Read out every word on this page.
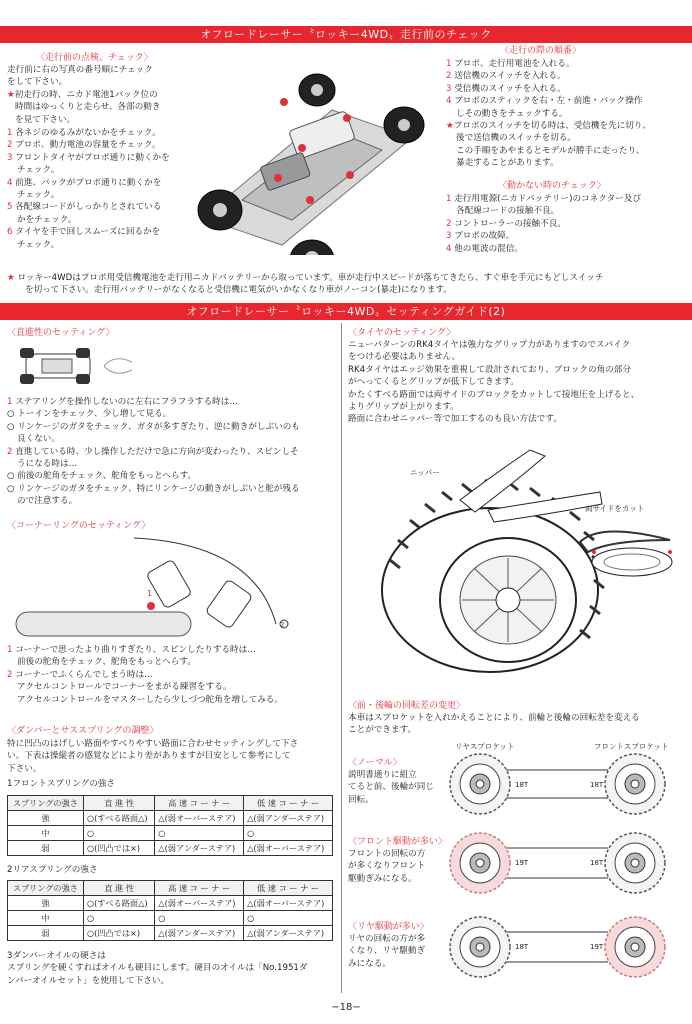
オフロードレーサー〝ロッキー4WD〟走行前のチェック
〈走行前の点検、チェック〉
走行前に右の写真の番号順にチェック
をして下さい。
★初走行の時、ニカド電池1パック位の
時間はゆっくりと走らせ、各部の動き
を見て下さい。
1 各ネジのゆるみがないかをチェック。
2 プロポ、動力電池の容量をチェック。
3 フロントタイヤがプロポ通りに動くかを
チェック。
4 前進、バックがプロポ通りに動くかを
チェック。
5 各配線コードがしっかりとされている
かをチェック。
6 タイヤを手で回しスムーズに回るかを
チェック。
〈走行の際の順番〉
1 プロポ、走行用電池を入れる。
2 送信機のスイッチを入れる。
3 受信機のスイッチを入れる。
4 プロポのスティックを右・左・前進・バック操作
しその動きをチェックする。
★プロポのスイッチを切る時は、受信機を先に切り、
後で送信機のスイッチを切る。
この手順をあやまるとモデルが勝手に走ったり、
暴走することがあります。
〈動かない時のチェック〉
1 走行用電源(ニカドバッテリー)のコネクター及び
各配線コードの接触不良。
2 コントローラーの接触不良。
3 プロポの故障。
4 他の電波の混信。
★ ロッキー4WDはプロポ用受信機電池を走行用ニカドバッテリーから取っています。車が走行中スピードが落ちてきたら、すぐ車を手元にもどしスイッチ
を切って下さい。走行用バッテリーがなくなると受信機に電気がいかなくなり車がノーコン(暴走)になります。
オフロードレーサー〝ロッキー4WD〟セッティングガイド(2)
〈直進性のセッティング〉
1 ステアリングを操作しないのに左右にフラフラする時は…
○ トーインをチェック、少し増して見る。
○ リンケージのガタをチェック、ガタが多すぎたり、逆に動きがしぶいのも
良くない。
2 直進している時、少し操作しただけで急に方向が変わったり、スピンしそ
うになる時は…
○ 前後の舵角をチェック、舵角をもっとへらす。
○ リンケージのガタをチェック、特にリンケージの動きがしぶいと舵が残る
ので注意する。
〈コーナーリングのセッティング〉
1
2
1 コーナーで思ったより曲りすぎたり、スピンしたりする時は…
前後の舵角をチェック、舵角をもっとへらす。
2 コーナーでふくらんでしまう時は…
アクセルコントロールでコーナーをまがる練習をする。
アクセルコントロールをマスターしたら少しづつ舵角を増してみる。
〈ダンパーとサススプリングの調整〉
特に凹凸のはげしい路面やすべりやすい路面に合わせセッティングして下さ
い。下表は操縦者の感覚などにより差がありますが目安として参考にして
下さい。
1フロントスプリングの強さ
スプリングの強さ	直 進 性	高 速 コ ー ナ ー	低 速 コ ー ナ ー
強	○(すべる路面△)	△(弱オーバーステア)	△(弱アンダーステア)
中	○	○	○
弱	○(凹凸では×)	△(弱アンダーステア)	△(弱オーバーステア)
2リアスプリングの強さ
スプリングの強さ	直 進 性	高 速 コ ー ナ ー	低 速 コ ー ナ ー
強	○(すべる路面△)	△(弱オーバーステア)	△(弱オーバーステア)
中	○	○	○
弱	○(凹凸では×)	△(弱アンダーステア)	△(弱アンダーステア)
3ダンパーオイルの硬さは
スプリングを硬くすればオイルも硬目にします。硬目のオイルは「No.1951ダ
ンパーオイルセット」を使用して下さい。
〈タイヤのセッティング〉
ニューパターンのRK4タイヤは強力なグリップ力がありますのでスパイク
をつける必要はありません。
RK4タイヤはエッジ効果を重視して設計されており、ブロックの角の部分
がへってくるとグリップが低下してきます。
かたくすべる路面では両サイドのブロックをカットして接地圧を上げると、
よりグリップが上がります。
路面に合わせニッパー等で加工するのも良い方法です。
ニッパー
両サイドをカット
〈前・後輪の回転差の変更〉
本車はスプロケットを入れかえることにより、前輪と後輪の回転差を変える
ことができます。
リヤスプロケット	フロントスプロケット
〈ノーマル〉
説明書通りに組立
てると前、後輪が同じ
回転。
〈フロント駆動が多い〉
フロントの回転の方
が多くなりフロント
駆動ぎみになる。
〈リヤ駆動が多い〉
リヤの回転の方が多
くなり、リヤ駆動ぎ
みになる。
18T	18T
19T	18T
18T	19T
−18−
